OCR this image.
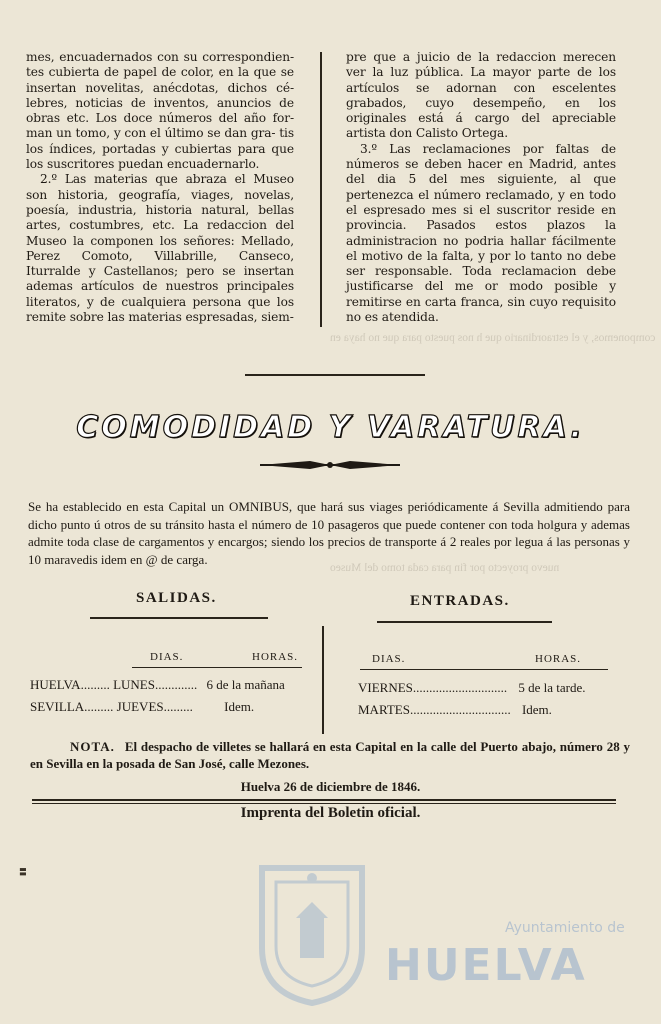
componemos, y el estraordinario que h nos puesto para que no haya en
nuevo proyecto por fin para cada tomo del Museo

mes, encuadernados con su correspondien- tes cubierta de papel de color, en la que se insertan novelitas, anécdotas, dichos cé- lebres, noticias de inventos, anuncios de obras etc. Los doce números del año for- man un tomo, y con el último se dan gra- tis los índices, portadas y cubiertas para que los suscritores puedan encuadernarlo.

2.º Las materias que abraza el Museo son historia, geografía, viages, novelas, poesía, industria, historia natural, bellas artes, costumbres, etc. La redaccion del Museo la componen los señores: Mellado, Perez Comoto, Villabrille, Canseco, Iturralde y Castellanos; pero se insertan ademas artículos de nuestros principales literatos, y de cualquiera persona que los remite sobre las materias espresadas, siem-

pre que a juicio de la redaccion merecen ver la luz pública. La mayor parte de los artículos se adornan con escelentes grabados, cuyo desempeño, en los originales está á cargo del apreciable artista don Calisto Ortega.

3.º Las reclamaciones por faltas de números se deben hacer en Madrid, antes del dia 5 del mes siguiente, al que pertenezca el número reclamado, y en todo el espresado mes si el suscritor reside en provincia. Pasados estos plazos la administracion no podria hallar fácilmente el motivo de la falta, y por lo tanto no debe ser responsable. Toda reclamacion debe justificarse del me or modo posible y remitirse en carta franca, sin cuyo requisito no es atendida.

COMODIDAD Y VARATURA.
Se ha establecido en esta Capital un OMNIBUS, que hará sus viages periódicamente á Sevilla admitiendo para dicho punto ú otros de su tránsito hasta el número de 10 pasageros que puede contener con toda holgura y ademas admite toda clase de cargamentos y encargos; siendo los precios de transporte á 2 reales por legua á las personas y 10 maravedis idem en @ de carga.
SALIDAS.
DIAS.	HORAS.
HUELVA......... LUNES............. 6 de la mañana
SEVILLA......... JUEVES......... Idem.
ENTRADAS.
DIAS.	HORAS.
VIERNES............................. 5 de la tarde.
MARTES............................... Idem.
NOTA. El despacho de villetes se hallará en esta Capital en la calle del Puerto abajo, número 28 y en Sevilla en la posada de San José, calle Mezones.
Huelva 26 de diciembre de 1846.
Imprenta del Boletin oficial.
Ayuntamiento de
HUELVA
▮▮
